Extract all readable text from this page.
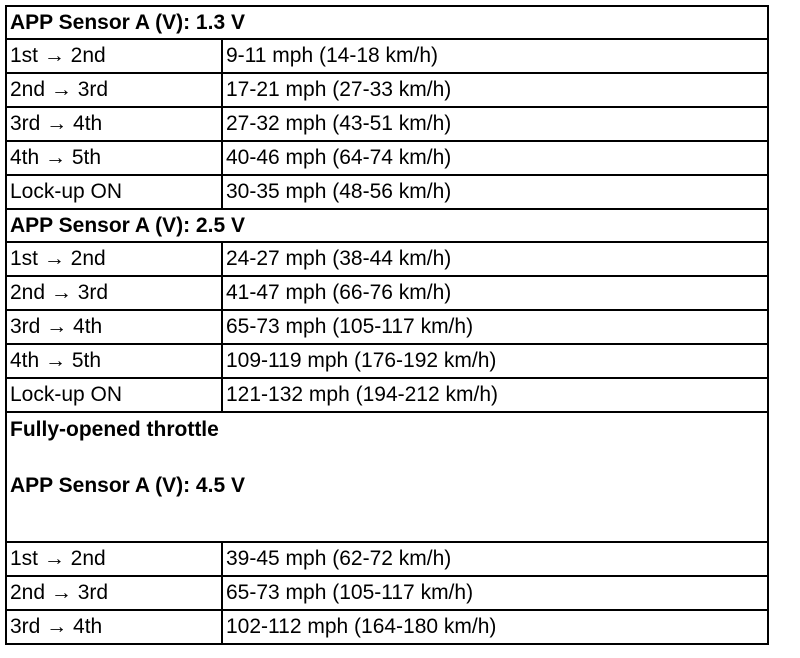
APP Sensor A (V): 1.3 V	
1st → 2nd	9-11 mph (14-18 km/h)
2nd → 3rd	17-21 mph (27-33 km/h)
3rd → 4th	27-32 mph (43-51 km/h)
4th → 5th	40-46 mph (64-74 km/h)
Lock-up ON	30-35 mph (48-56 km/h)
APP Sensor A (V): 2.5 V	
1st → 2nd	24-27 mph (38-44 km/h)
2nd → 3rd	41-47 mph (66-76 km/h)
3rd → 4th	65-73 mph (105-117 km/h)
4th → 5th	109-119 mph (176-192 km/h)
Lock-up ON	121-132 mph (194-212 km/h)

Fully-opened throttle
APP Sensor A (V): 4.5 V	

1st → 2nd	39-45 mph (62-72 km/h)
2nd → 3rd	65-73 mph (105-117 km/h)
3rd → 4th	102-112 mph (164-180 km/h)
